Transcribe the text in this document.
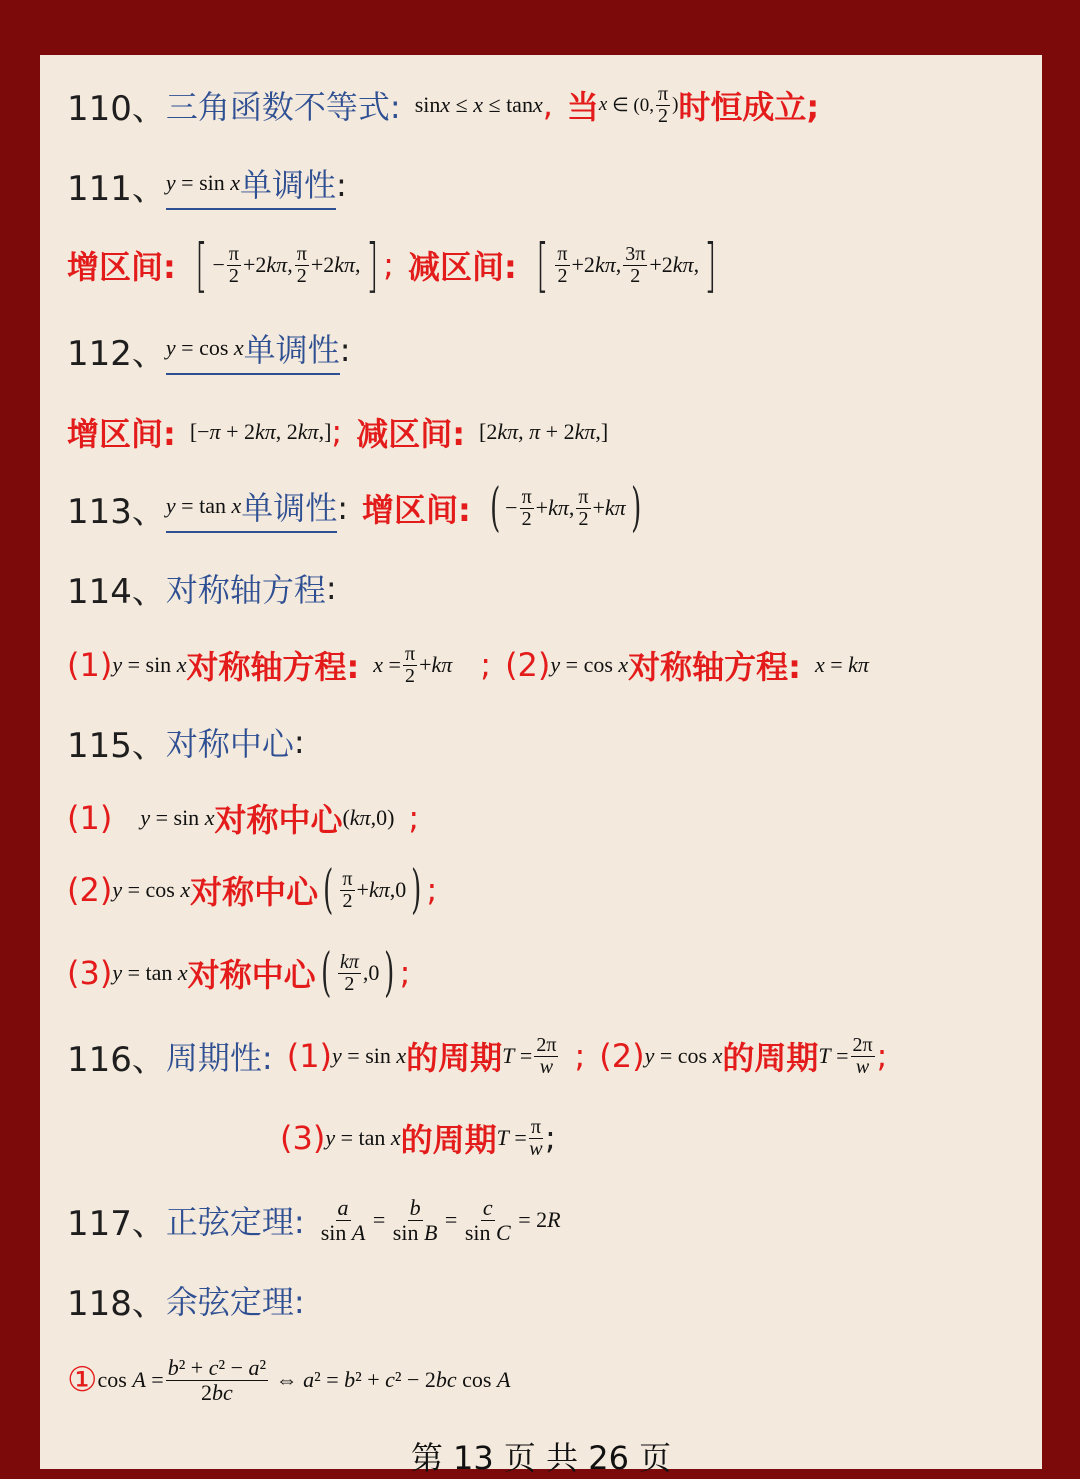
110、 三角函数不等式: sin x ≤ x ≤ tan x , 当 x ∈ (0, $\frac{\pi}{2}$ ) 时恒成立;
111、 y = sin x 单调性 :
增区间: [ − $\frac{\pi}{2} +2$ kπ , $\frac{\pi}{2} +2$ kπ , ] ; 减区间: [ $\frac{\pi}{2} +2$ kπ , $\frac{3\pi}{2} +2$ kπ , ]
112、 y = cos x 单调性 :
增区间: [− π + 2 kπ , 2 kπ ,] ; 减区间: [2 kπ , π + 2 kπ ,]
113、 y = tan x 单调性 : 增区间: ( − $\frac{\pi}{2} + k\pi$ , $\frac{\pi}{2} + k\pi$ )
114、 对称轴方程 :
(1) y = sin x 对称轴方程: $x = \frac{\pi}{2} + k\pi$ ; (2) y = cos x 对称轴方程: x = kπ
115、 对称中心 :
(1) y = sin x 对称中心 ( kπ ,0) ;
(2) y = cos x 对称中心 ( $\frac{\pi}{2} + k\pi$ ,0 ) ;
(3) y = tan x 对称中心 ( $\frac{k\pi}{2} ,0$ ) ;
116、 周期性: (1) y = sin x 的周期 $T = \frac{2\pi}{w}$ ; (2) y = cos x 的周期 $T = \frac{2\pi}{w}$ ;
(3) y = tan x 的周期 $T = \frac{\pi}{w}$ ;
117、 正弦定理: $\frac{a}{\text{sin A}} = \frac{b}{\text{sin B}} = \frac{c}{\text{sin C}} = 2$ R
118、 余弦定理:
① $\cos A = \frac{\text{b² + c² − a²}}{2bc}$ ⇔ a ² = b ² + c ² − 2 bc cos A
第 13 页 共 26 页
